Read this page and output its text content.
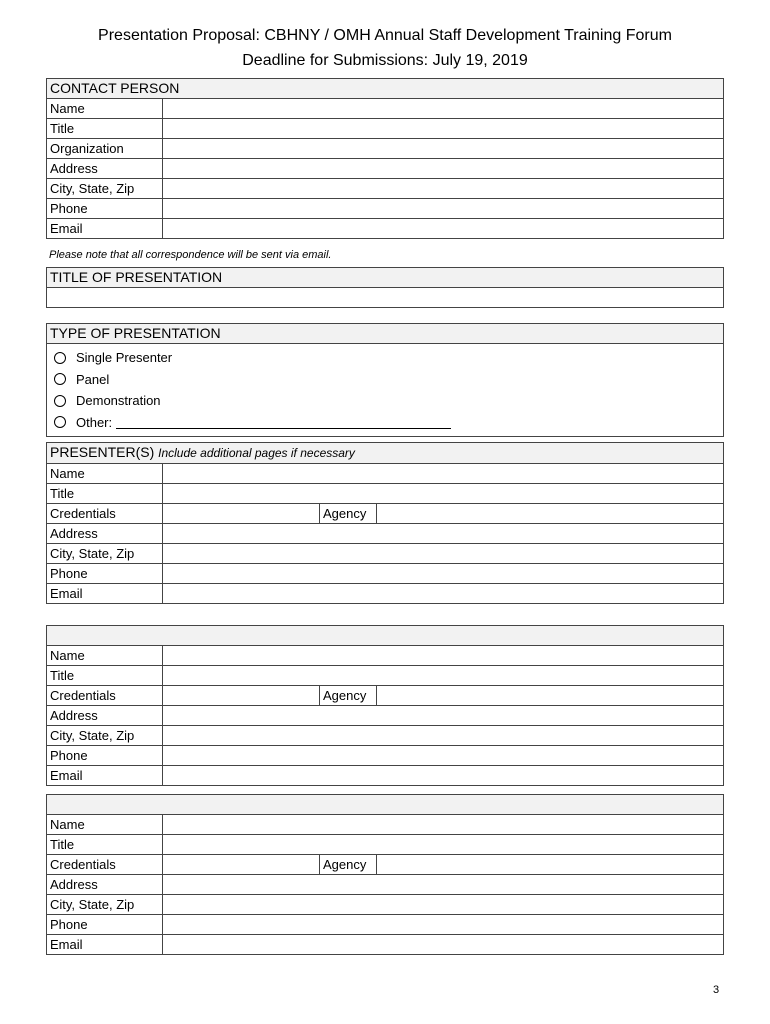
Presentation Proposal: CBHNY / OMH Annual Staff Development Training Forum
Deadline for Submissions: July 19, 2019
CONTACT PERSON	
Name	
Title	
Organization	
Address	
City, State, Zip	
Phone	
Email	
Please note that all correspondence will be sent via email.
TITLE OF PRESENTATION

TYPE OF PRESENTATION

Single Presenter
Panel
Demonstration
Other:
PRESENTER(S) Include additional pages if necessary			
Name			
Title			
Credentials		Agency	
Address			
City, State, Zip			
Phone			
Email			

Name			
Title			
Credentials		Agency	
Address			
City, State, Zip			
Phone			
Email			

Name			
Title			
Credentials		Agency	
Address			
City, State, Zip			
Phone			
Email			
3
